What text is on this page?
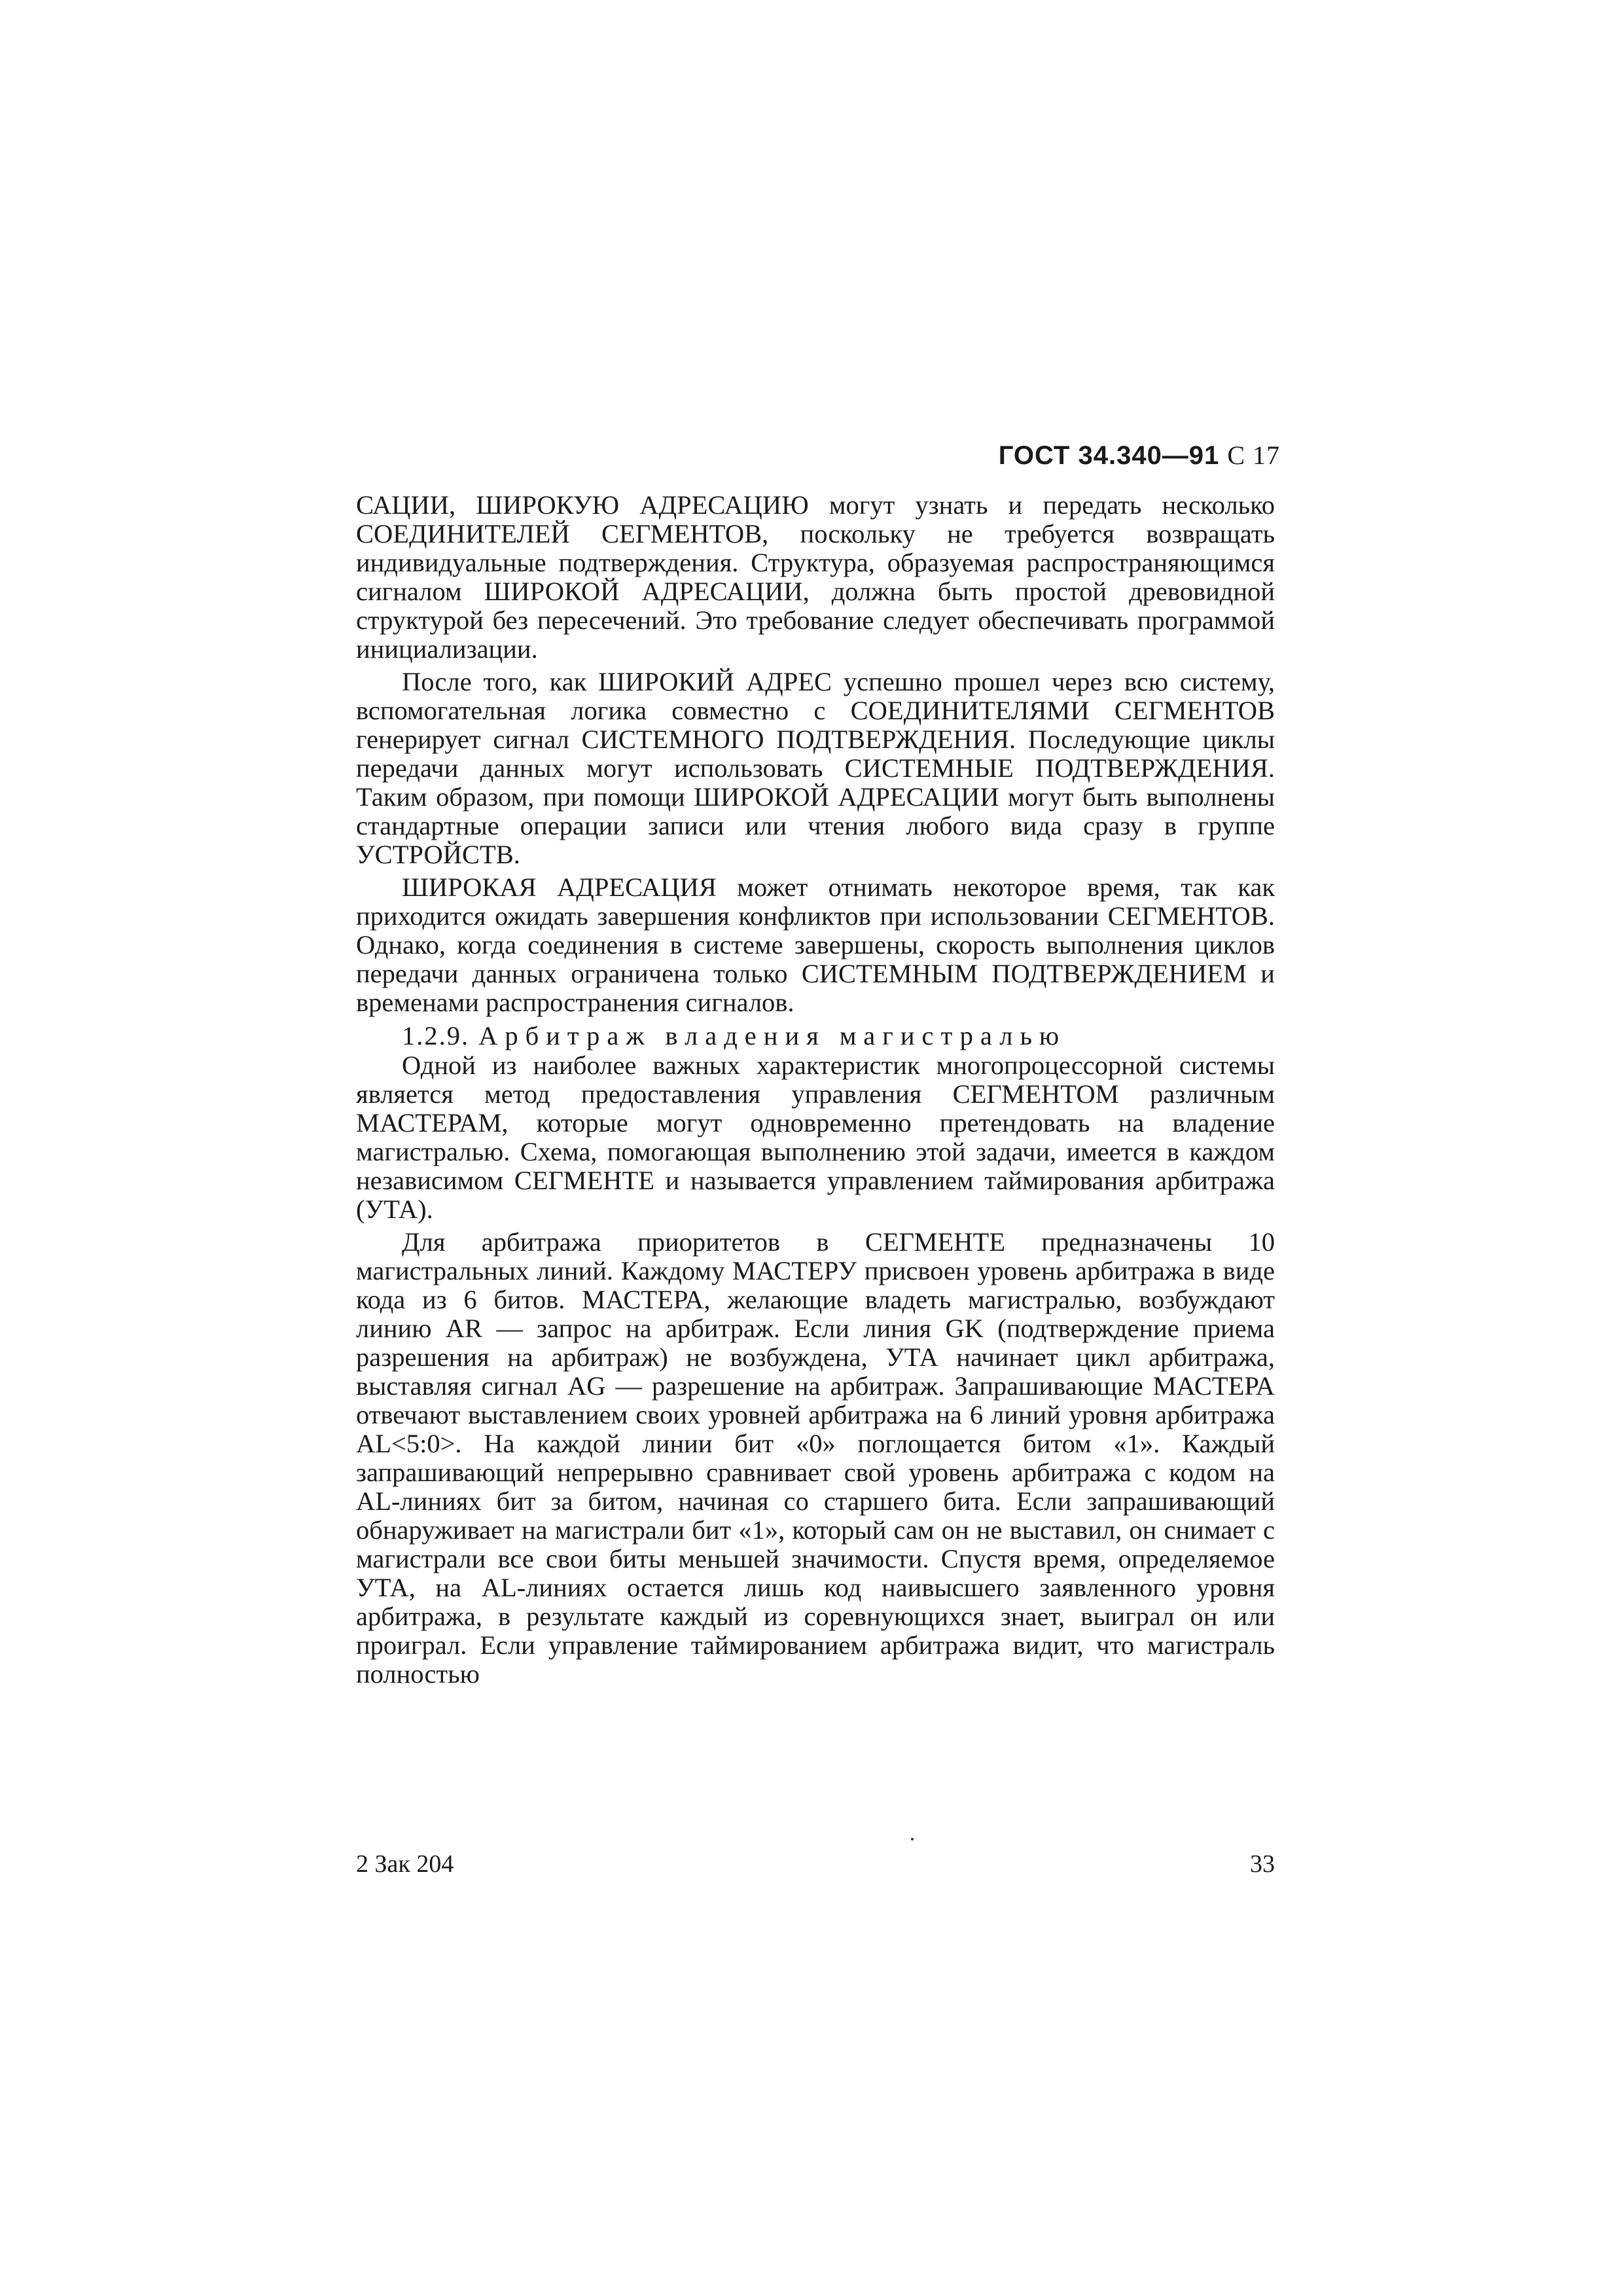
ГОСТ 34.340—91 С 17

САЦИИ, ШИРОКУЮ АДРЕСАЦИЮ могут узнать и передать несколько СОЕДИНИТЕЛЕЙ СЕГМЕНТОВ, поскольку не требуется возвращать индивидуальные подтверждения. Структура, образуемая распространяющимся сигналом ШИРОКОЙ АДРЕСАЦИИ, должна быть простой древовидной структурой без пересечений. Это требование следует обеспечивать программой инициализации.

После того, как ШИРОКИЙ АДРЕС успешно прошел через всю систему, вспомогательная логика совместно с СОЕДИНИТЕЛЯМИ СЕГМЕНТОВ генерирует сигнал СИСТЕМНОГО ПОДТВЕРЖДЕНИЯ. Последующие циклы передачи данных могут использовать СИСТЕМНЫЕ ПОДТВЕРЖДЕНИЯ. Таким образом, при помощи ШИРОКОЙ АДРЕСАЦИИ могут быть выполнены стандартные операции записи или чтения любого вида сразу в группе УСТРОЙСТВ.

ШИРОКАЯ АДРЕСАЦИЯ может отнимать некоторое время, так как приходится ожидать завершения конфликтов при использовании СЕГМЕНТОВ. Однако, когда соединения в системе завершены, скорость выполнения циклов передачи данных ограничена только СИСТЕМНЫМ ПОДТВЕРЖДЕНИЕМ и временами распространения сигналов.

1.2.9. Арбитраж владения магистралью

Одной из наиболее важных характеристик многопроцессорной системы является метод предоставления управления СЕГМЕНТОМ различным МАСТЕРАМ, которые могут одновременно претендовать на владение магистралью. Схема, помогающая выполнению этой задачи, имеется в каждом независимом СЕГМЕНТЕ и называется управлением таймирования арбитража (УТА).

Для арбитража приоритетов в СЕГМЕНТЕ предназначены 10 магистральных линий. Каждому МАСТЕРУ присвоен уровень арбитража в виде кода из 6 битов. МАСТЕРА, желающие владеть магистралью, возбуждают линию AR — запрос на арбитраж. Если линия GK (подтверждение приема разрешения на арбитраж) не возбуждена, УТА начинает цикл арбитража, выставляя сигнал AG — разрешение на арбитраж. Запрашивающие МАСТЕРА отвечают выставлением своих уровней арбитража на 6 линий уровня арбитража AL<5:0>. На каждой линии бит «0» поглощается битом «1». Каждый запрашивающий непрерывно сравнивает свой уровень арбитража с кодом на AL-линиях бит за битом, начиная со старшего бита. Если запрашивающий обнаруживает на магистрали бит «1», который сам он не выставил, он снимает с магистрали все свои биты меньшей значимости. Спустя время, определяемое УТА, на AL-линиях остается лишь код наивысшего заявленного уровня арбитража, в результате каждый из соревнующихся знает, выиграл он или проиграл. Если управление таймированием арбитража видит, что магистраль полностью

2 Зак 204	33
